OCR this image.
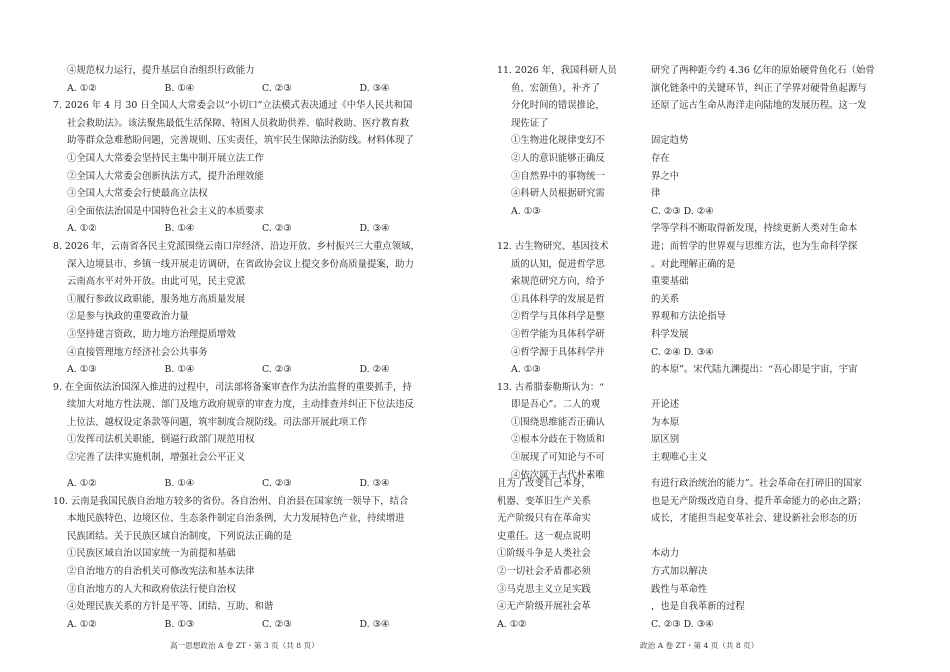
④规范权力运行，提升基层自治组织行政能力
A. ①②	B. ①④	C. ②③	D. ③④
7. 2026 年 4 月 30 日全国人大常委会以“小切口”立法模式表决通过《中华人民共和国
社会救助法》。该法聚焦最低生活保障、特困人员救助供养、临时救助、医疗教育救
助等群众急难愁盼问题，完善规则、压实责任，筑牢民生保障法治防线。材料体现了
①全国人大常委会坚持民主集中制开展立法工作
②全国人大常委会创新执法方式，提升治理效能
③全国人大常委会行使最高立法权
④全面依法治国是中国特色社会主义的本质要求
A. ①②	B. ①④	C. ②③	D. ③④
8. 2026 年，云南省各民主党派围绕云南口岸经济、沿边开放、乡村振兴三大重点领域，
深入边境县市、乡镇一线开展走访调研，在省政协会议上提交多份高质量提案，助力
云南高水平对外开放。由此可见，民主党派
①履行参政议政职能，服务地方高质量发展
②是参与执政的重要政治力量
③坚持建言资政，助力地方治理提质增效
④直接管理地方经济社会公共事务
A. ①③	B. ①④	C. ②③	D. ②④
9. 在全面依法治国深入推进的过程中，司法部将备案审查作为法治监督的重要抓手，持
续加大对地方性法规、部门及地方政府规章的审查力度，主动排查并纠正下位法违反
上位法、越权设定条款等问题，筑牢制度合规防线。司法部开展此项工作
①发挥司法机关职能，倒逼行政部门规范用权
②完善了法律实施机制，增强社会公平正义
A. ①②	B. ①④	C. ②③	D. ③④
10. 云南是我国民族自治地方较多的省份。各自治州、自治县在国家统一领导下，结合
本地民族特色、边境区位、生态条件制定自治条例，大力发展特色产业，持续增进
民族团结。关于民族区域自治制度，下列说法正确的是
①民族区域自治以国家统一为前提和基础
②自治地方的自治机关可修改宪法和基本法律
③自治地方的人大和政府依法行使自治权
④处理民族关系的方针是平等、团结、互助、和谐
A. ①②	B. ①③	C. ②③	D. ③④
高一思想政治 A 卷 ZT・第 3 页（共 8 页）
11. 2026 年，我国科研人员
鱼、宏颌鱼），补齐了
分化时间的错误推论，
现佐证了
①生物进化规律变幻不
②人的意识能够正确反
③自然界中的事物统一
④科研人员根据研究需
A. ①③
12. 古生物研究、基因技术
质的认知，促进哲学思
索规范研究方向，给予
①具体科学的发展是哲
②哲学与具体科学是整
③哲学能为具体科学研
④哲学源于具体科学并
A. ①③
13. 古希腊泰勒斯认为：“
即是吾心”。二人的观
①围绕思维能否正确认
②根本分歧在于物质和
③展现了可知论与不可
④依次属于古代朴素唯
且为了改变自己本身，
机器、变革旧生产关系
无产阶级只有在革命实
史重任。这一观点说明
①阶级斗争是人类社会
②一切社会矛盾都必须
③马克思主义立足实践
④无产阶级开展社会革
A. ①②
研究了两种距今约 4.36 亿年的原始硬骨鱼化石（始骨
演化链条中的关键环节，纠正了学界对硬骨鱼起源与
还原了远古生命从海洋走向陆地的发展历程。这一发
固定趋势
存在
界之中
律
C. ②③ D. ②④
学等学科不断取得新发现，持续更新人类对生命本
进；而哲学的世界观与思维方法，也为生命科学探
。对此理解正确的是
重要基础
的关系
界观和方法论指导
科学发展
C. ②④ D. ③④
的本原”。宋代陆九渊提出：“吾心即是宇宙，宇宙
开论述
为本原
原区别
主观唯心主义
有进行政治统治的能力”。社会革命在打碎旧的国家
也是无产阶级改造自身、提升革命能力的必由之路；
成长，才能担当起变革社会、建设新社会形态的历
本动力
方式加以解决
践性与革命性
，也是自我革新的过程
C. ②③ D. ③④
政治 A 卷 ZT・第 4 页（共 8 页）
